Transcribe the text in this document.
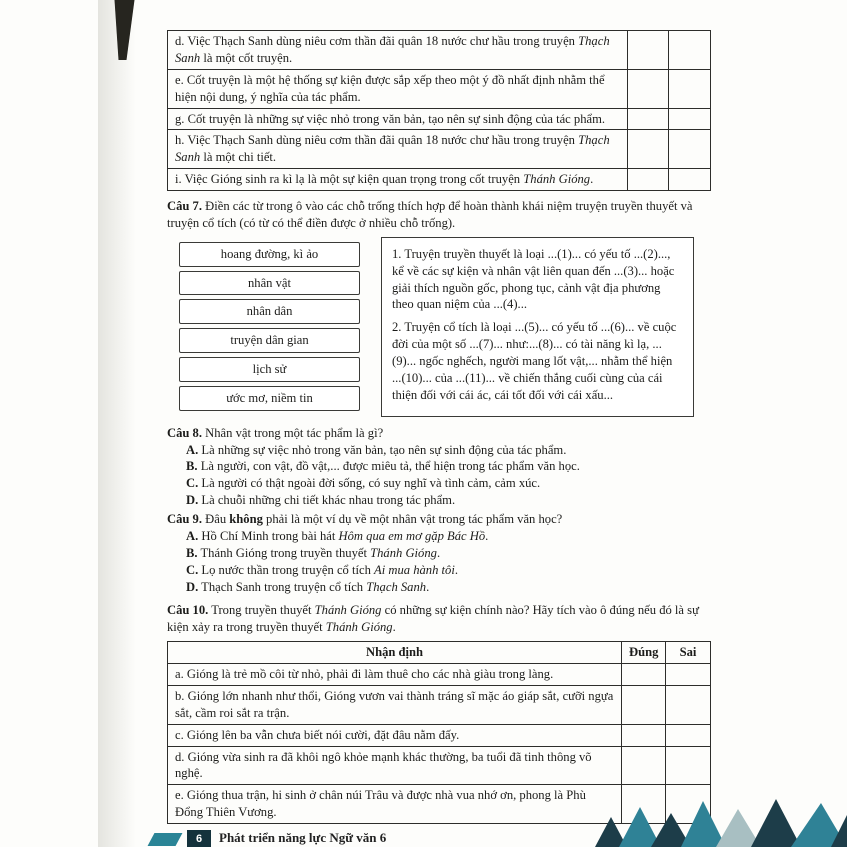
d. Việc Thạch Sanh dùng niêu cơm thần đãi quân 18 nước chư hầu trong truyện Thạch Sanh là một cốt truyện.		
e. Cốt truyện là một hệ thống sự kiện được sắp xếp theo một ý đồ nhất định nhằm thể hiện nội dung, ý nghĩa của tác phẩm.		
g. Cốt truyện là những sự việc nhỏ trong văn bản, tạo nên sự sinh động của tác phẩm.		
h. Việc Thạch Sanh dùng niêu cơm thần đãi quân 18 nước chư hầu trong truyện Thạch Sanh là một chi tiết.		
i. Việc Gióng sinh ra kì lạ là một sự kiện quan trọng trong cốt truyện Thánh Gióng.		

Câu 7. Điền các từ trong ô vào các chỗ trống thích hợp để hoàn thành khái niệm truyện truyền thuyết và truyện cổ tích (có từ có thể điền được ở nhiều chỗ trống).

hoang đường, kì ảo
nhân vật
nhân dân
truyện dân gian
lịch sử
ước mơ, niềm tin

1. Truyện truyền thuyết là loại ...(1)... có yếu tố ...(2)..., kể về các sự kiện và nhân vật liên quan đến ...(3)... hoặc giải thích nguồn gốc, phong tục, cảnh vật địa phương theo quan niệm của ...(4)...

2. Truyện cổ tích là loại ...(5)... có yếu tố ...(6)... về cuộc đời của một số ...(7)... như:...(8)... có tài năng kì lạ, ...(9)... ngốc nghếch, người mang lốt vật,... nhằm thể hiện ...(10)... của ...(11)... về chiến thắng cuối cùng của cái thiện đối với cái ác, cái tốt đối với cái xấu...

Câu 8. Nhân vật trong một tác phẩm là gì?

A. Là những sự việc nhỏ trong văn bản, tạo nên sự sinh động của tác phẩm.

B. Là người, con vật, đồ vật,... được miêu tả, thể hiện trong tác phẩm văn học.

C. Là người có thật ngoài đời sống, có suy nghĩ và tình cảm, cảm xúc.

D. Là chuỗi những chi tiết khác nhau trong tác phẩm.

Câu 9. Đâu không phải là một ví dụ về một nhân vật trong tác phẩm văn học?

A. Hồ Chí Minh trong bài hát Hôm qua em mơ gặp Bác Hồ.

B. Thánh Gióng trong truyền thuyết Thánh Gióng.

C. Lọ nước thần trong truyện cổ tích Ai mua hành tôi.

D. Thạch Sanh trong truyện cổ tích Thạch Sanh.

Câu 10. Trong truyền thuyết Thánh Gióng có những sự kiện chính nào? Hãy tích vào ô đúng nếu đó là sự kiện xảy ra trong truyền thuyết Thánh Gióng.

Nhận định	Đúng	Sai
a. Gióng là trẻ mồ côi từ nhỏ, phải đi làm thuê cho các nhà giàu trong làng.		
b. Gióng lớn nhanh như thổi, Gióng vươn vai thành tráng sĩ mặc áo giáp sắt, cưỡi ngựa sắt, cầm roi sắt ra trận.		
c. Gióng lên ba vẫn chưa biết nói cười, đặt đâu nằm đấy.		
d. Gióng vừa sinh ra đã khôi ngô khỏe mạnh khác thường, ba tuổi đã tinh thông võ nghệ.		
e. Gióng thua trận, hi sinh ở chân núi Trâu và được nhà vua nhớ ơn, phong là Phù Đổng Thiên Vương.		
6	Phát triển năng lực Ngữ văn 6
